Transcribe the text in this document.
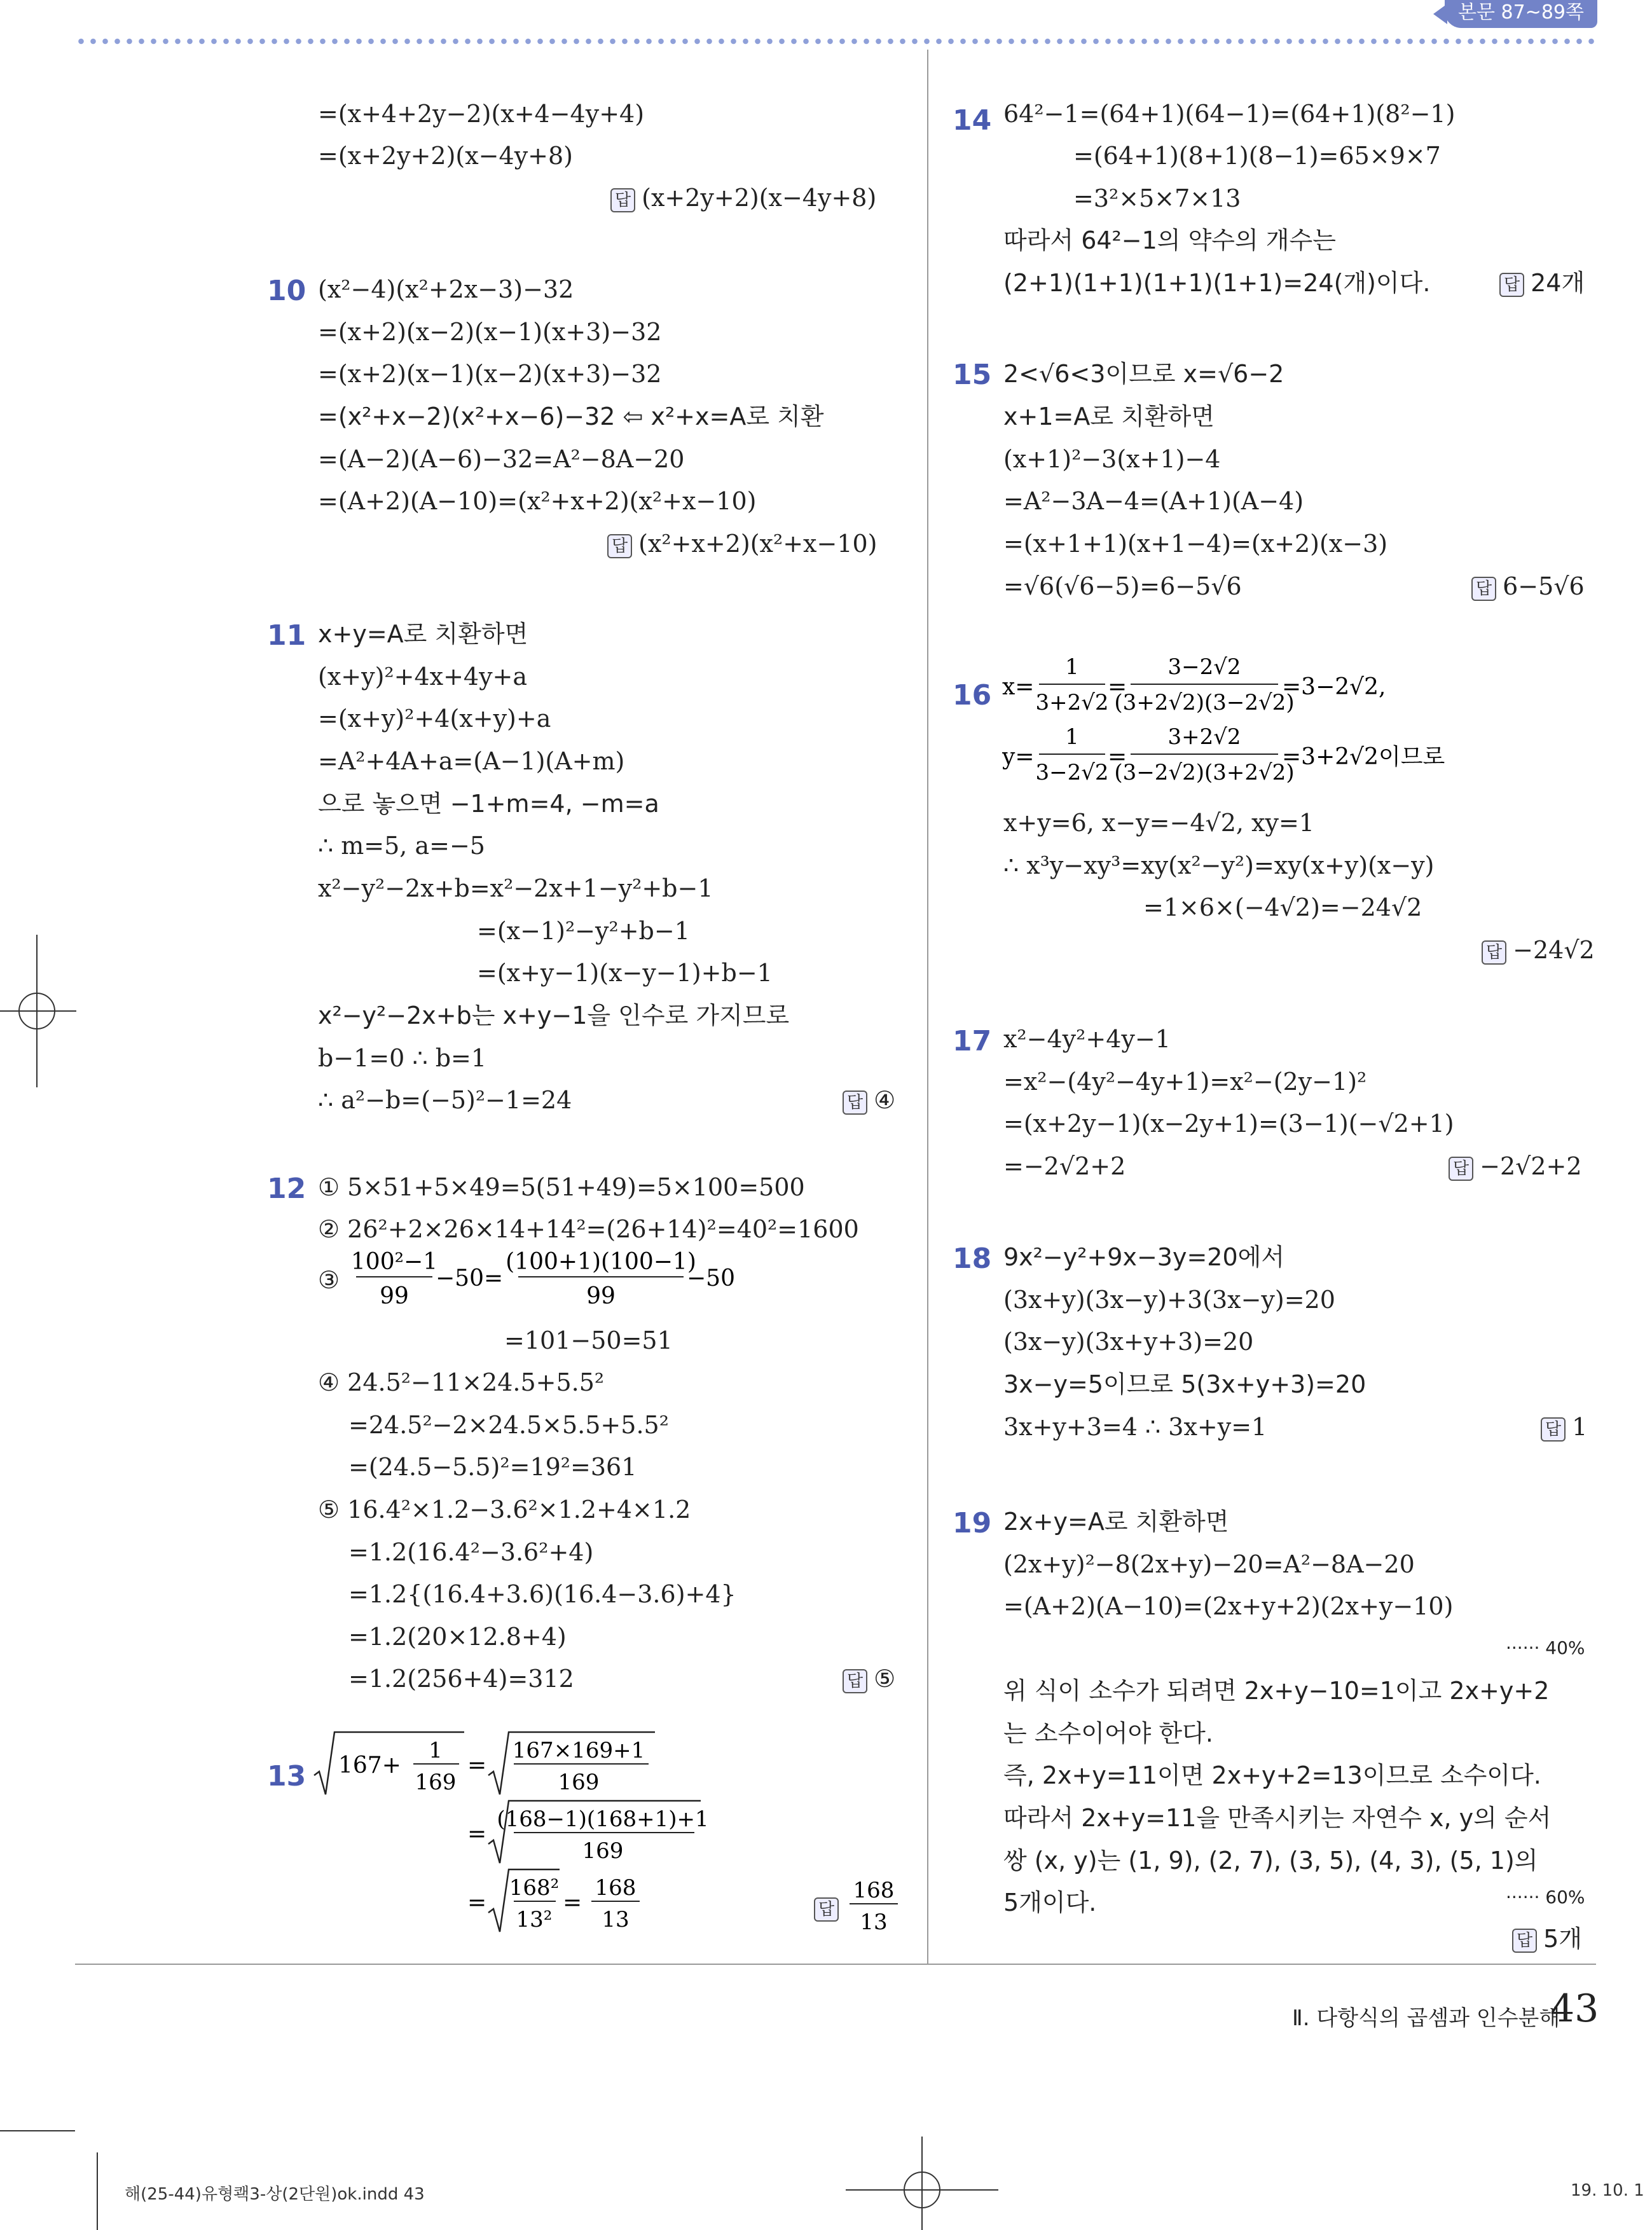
본문 87~89쪽
=(x+4+2y−2)(x+4−4y+4)
=(x+2y+2)(x−4y+8)
답 (x+2y+2)(x−4y+8)
10 (x²−4)(x²+2x−3)−32
=(x+2)(x−2)(x−1)(x+3)−32
=(x+2)(x−1)(x−2)(x+3)−32
=(x²+x−2)(x²+x−6)−32 ⇦ x²+x=A로 치환
=(A−2)(A−6)−32=A²−8A−20
=(A+2)(A−10)=(x²+x+2)(x²+x−10)
답 (x²+x+2)(x²+x−10)
11 x+y=A로 치환하면
(x+y)²+4x+4y+a
=(x+y)²+4(x+y)+a
=A²+4A+a=(A−1)(A+m)
으로 놓으면 −1+m=4, −m=a
∴ m=5, a=−5
x²−y²−2x+b=x²−2x+1−y²+b−1
=(x−1)²−y²+b−1
=(x+y−1)(x−y−1)+b−1
x²−y²−2x+b는 x+y−1을 인수로 가지므로
b−1=0 ∴ b=1
∴ a²−b=(−5)²−1=24	답 ④
12 ① 5×51+5×49=5(51+49)=5×100=500
② 26²+2×26×14+14²=(26+14)²=40²=1600
③
100²−1
99
−50=
(100+1)(100−1)
99
−50
=101−50=51
④ 24.5²−11×24.5+5.5²
=24.5²−2×24.5×5.5+5.5²
=(24.5−5.5)²=19²=361
⑤ 16.4²×1.2−3.6²×1.2+4×1.2
=1.2(16.4²−3.6²+4)
=1.2{(16.4+3.6)(16.4−3.6)+4}
=1.2(20×12.8+4)
=1.2(256+4)=312	답 ⑤
13 167+
1
169
=
167×169+1
169
=
(168−1)(168+1)+1
169
=
168²
13²
=
168
13	답
168
13
14 64²−1=(64+1)(64−1)=(64+1)(8²−1)
=(64+1)(8+1)(8−1)=65×9×7
=3²×5×7×13
따라서 64²−1의 약수의 개수는
(2+1)(1+1)(1+1)(1+1)=24(개)이다.	답 24개
15 2<√6<3이므로 x=√6−2
x+1=A로 치환하면
(x+1)²−3(x+1)−4
=A²−3A−4=(A+1)(A−4)
=(x+1+1)(x+1−4)=(x+2)(x−3)
=√6(√6−5)=6−5√6	답 6−5√6
16 x=
1
3+2√2
=
3−2√2
(3+2√2)(3−2√2)
=3−2√2,
y=
1
3−2√2
=
3+2√2
(3−2√2)(3+2√2)
=3+2√2이므로
x+y=6, x−y=−4√2, xy=1
∴ x³y−xy³=xy(x²−y²)=xy(x+y)(x−y)
=1×6×(−4√2)=−24√2
답 −24√2
17 x²−4y²+4y−1
=x²−(4y²−4y+1)=x²−(2y−1)²
=(x+2y−1)(x−2y+1)=(3−1)(−√2+1)
=−2√2+2	답 −2√2+2
18 9x²−y²+9x−3y=20에서
(3x+y)(3x−y)+3(3x−y)=20
(3x−y)(3x+y+3)=20
3x−y=5이므로 5(3x+y+3)=20
3x+y+3=4 ∴ 3x+y=1	답 1
19 2x+y=A로 치환하면
(2x+y)²−8(2x+y)−20=A²−8A−20
=(A+2)(A−10)=(2x+y+2)(2x+y−10)
······ 40%
위 식이 소수가 되려면 2x+y−10=1이고 2x+y+2
는 소수이어야 한다.
즉, 2x+y=11이면 2x+y+2=13이므로 소수이다.
따라서 2x+y=11을 만족시키는 자연수 x, y의 순서
쌍 (x, y)는 (1, 9), (2, 7), (3, 5), (4, 3), (5, 1)의
5개이다.	······ 60%
답 5개
Ⅱ. 다항식의 곱셈과 인수분해
43
해(25-44)유형쾍3-상(2단원)ok.indd 43	19. 10. 1
